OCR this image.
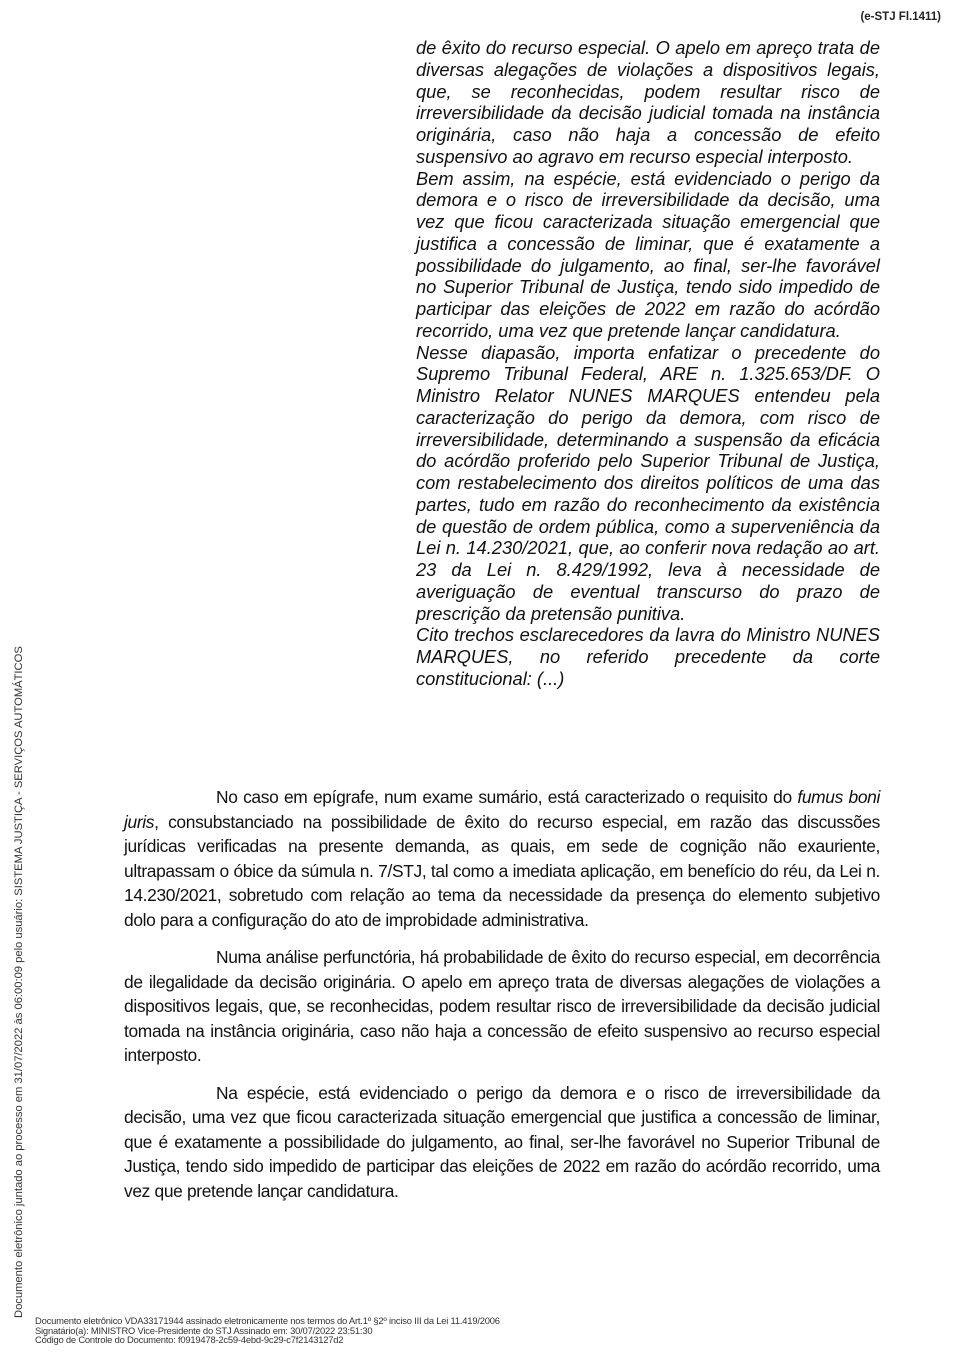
(e-STJ Fl.1411)

de êxito do recurso especial. O apelo em apreço trata de diversas alegações de violações a dispositivos legais, que, se reconhecidas, podem resultar risco de irreversibilidade da decisão judicial tomada na instância originária, caso não haja a concessão de efeito suspensivo ao agravo em recurso especial interposto.

Bem assim, na espécie, está evidenciado o perigo da demora e o risco de irreversibilidade da decisão, uma vez que ficou caracterizada situação emergencial que justifica a concessão de liminar, que é exatamente a possibilidade do julgamento, ao final, ser-lhe favorável no Superior Tribunal de Justiça, tendo sido impedido de participar das eleições de 2022 em razão do acórdão recorrido, uma vez que pretende lançar candidatura.

Nesse diapasão, importa enfatizar o precedente do Supremo Tribunal Federal, ARE n. 1.325.653/DF. O Ministro Relator NUNES MARQUES entendeu pela caracterização do perigo da demora, com risco de irreversibilidade, determinando a suspensão da eficácia do acórdão proferido pelo Superior Tribunal de Justiça, com restabelecimento dos direitos políticos de uma das partes, tudo em razão do reconhecimento da existência de questão de ordem pública, como a superveniência da Lei n. 14.230/2021, que, ao conferir nova redação ao art. 23 da Lei n. 8.429/1992, leva à necessidade de averiguação de eventual transcurso do prazo de prescrição da pretensão punitiva.

Cito trechos esclarecedores da lavra do Ministro NUNES MARQUES, no referido precedente da corte constitucional: (...)

No caso em epígrafe, num exame sumário, está caracterizado o requisito do fumus boni juris, consubstanciado na possibilidade de êxito do recurso especial, em razão das discussões jurídicas verificadas na presente demanda, as quais, em sede de cognição não exauriente, ultrapassam o óbice da súmula n. 7/STJ, tal como a imediata aplicação, em benefício do réu, da Lei n. 14.230/2021, sobretudo com relação ao tema da necessidade da presença do elemento subjetivo dolo para a configuração do ato de improbidade administrativa.

Numa análise perfunctória, há probabilidade de êxito do recurso especial, em decorrência de ilegalidade da decisão originária. O apelo em apreço trata de diversas alegações de violações a dispositivos legais, que, se reconhecidas, podem resultar risco de irreversibilidade da decisão judicial tomada na instância originária, caso não haja a concessão de efeito suspensivo ao recurso especial interposto.

Na espécie, está evidenciado o perigo da demora e o risco de irreversibilidade da decisão, uma vez que ficou caracterizada situação emergencial que justifica a concessão de liminar, que é exatamente a possibilidade do julgamento, ao final, ser-lhe favorável no Superior Tribunal de Justiça, tendo sido impedido de participar das eleições de 2022 em razão do acórdão recorrido, uma vez que pretende lançar candidatura.

Documento eletrônico juntado ao processo em 31/07/2022 às 06:00:09 pelo usuário: SISTEMA JUSTIÇA - SERVIÇOS AUTOMÁTICOS
Documento eletrônico VDA33171944 assinado eletronicamente nos termos do Art.1º §2º inciso III da Lei 11.419/2006
Signatário(a): MINISTRO Vice-Presidente do STJ Assinado em: 30/07/2022 23:51:30
Código de Controle do Documento: f0919478-2c59-4ebd-9c29-c7f2143127d2
